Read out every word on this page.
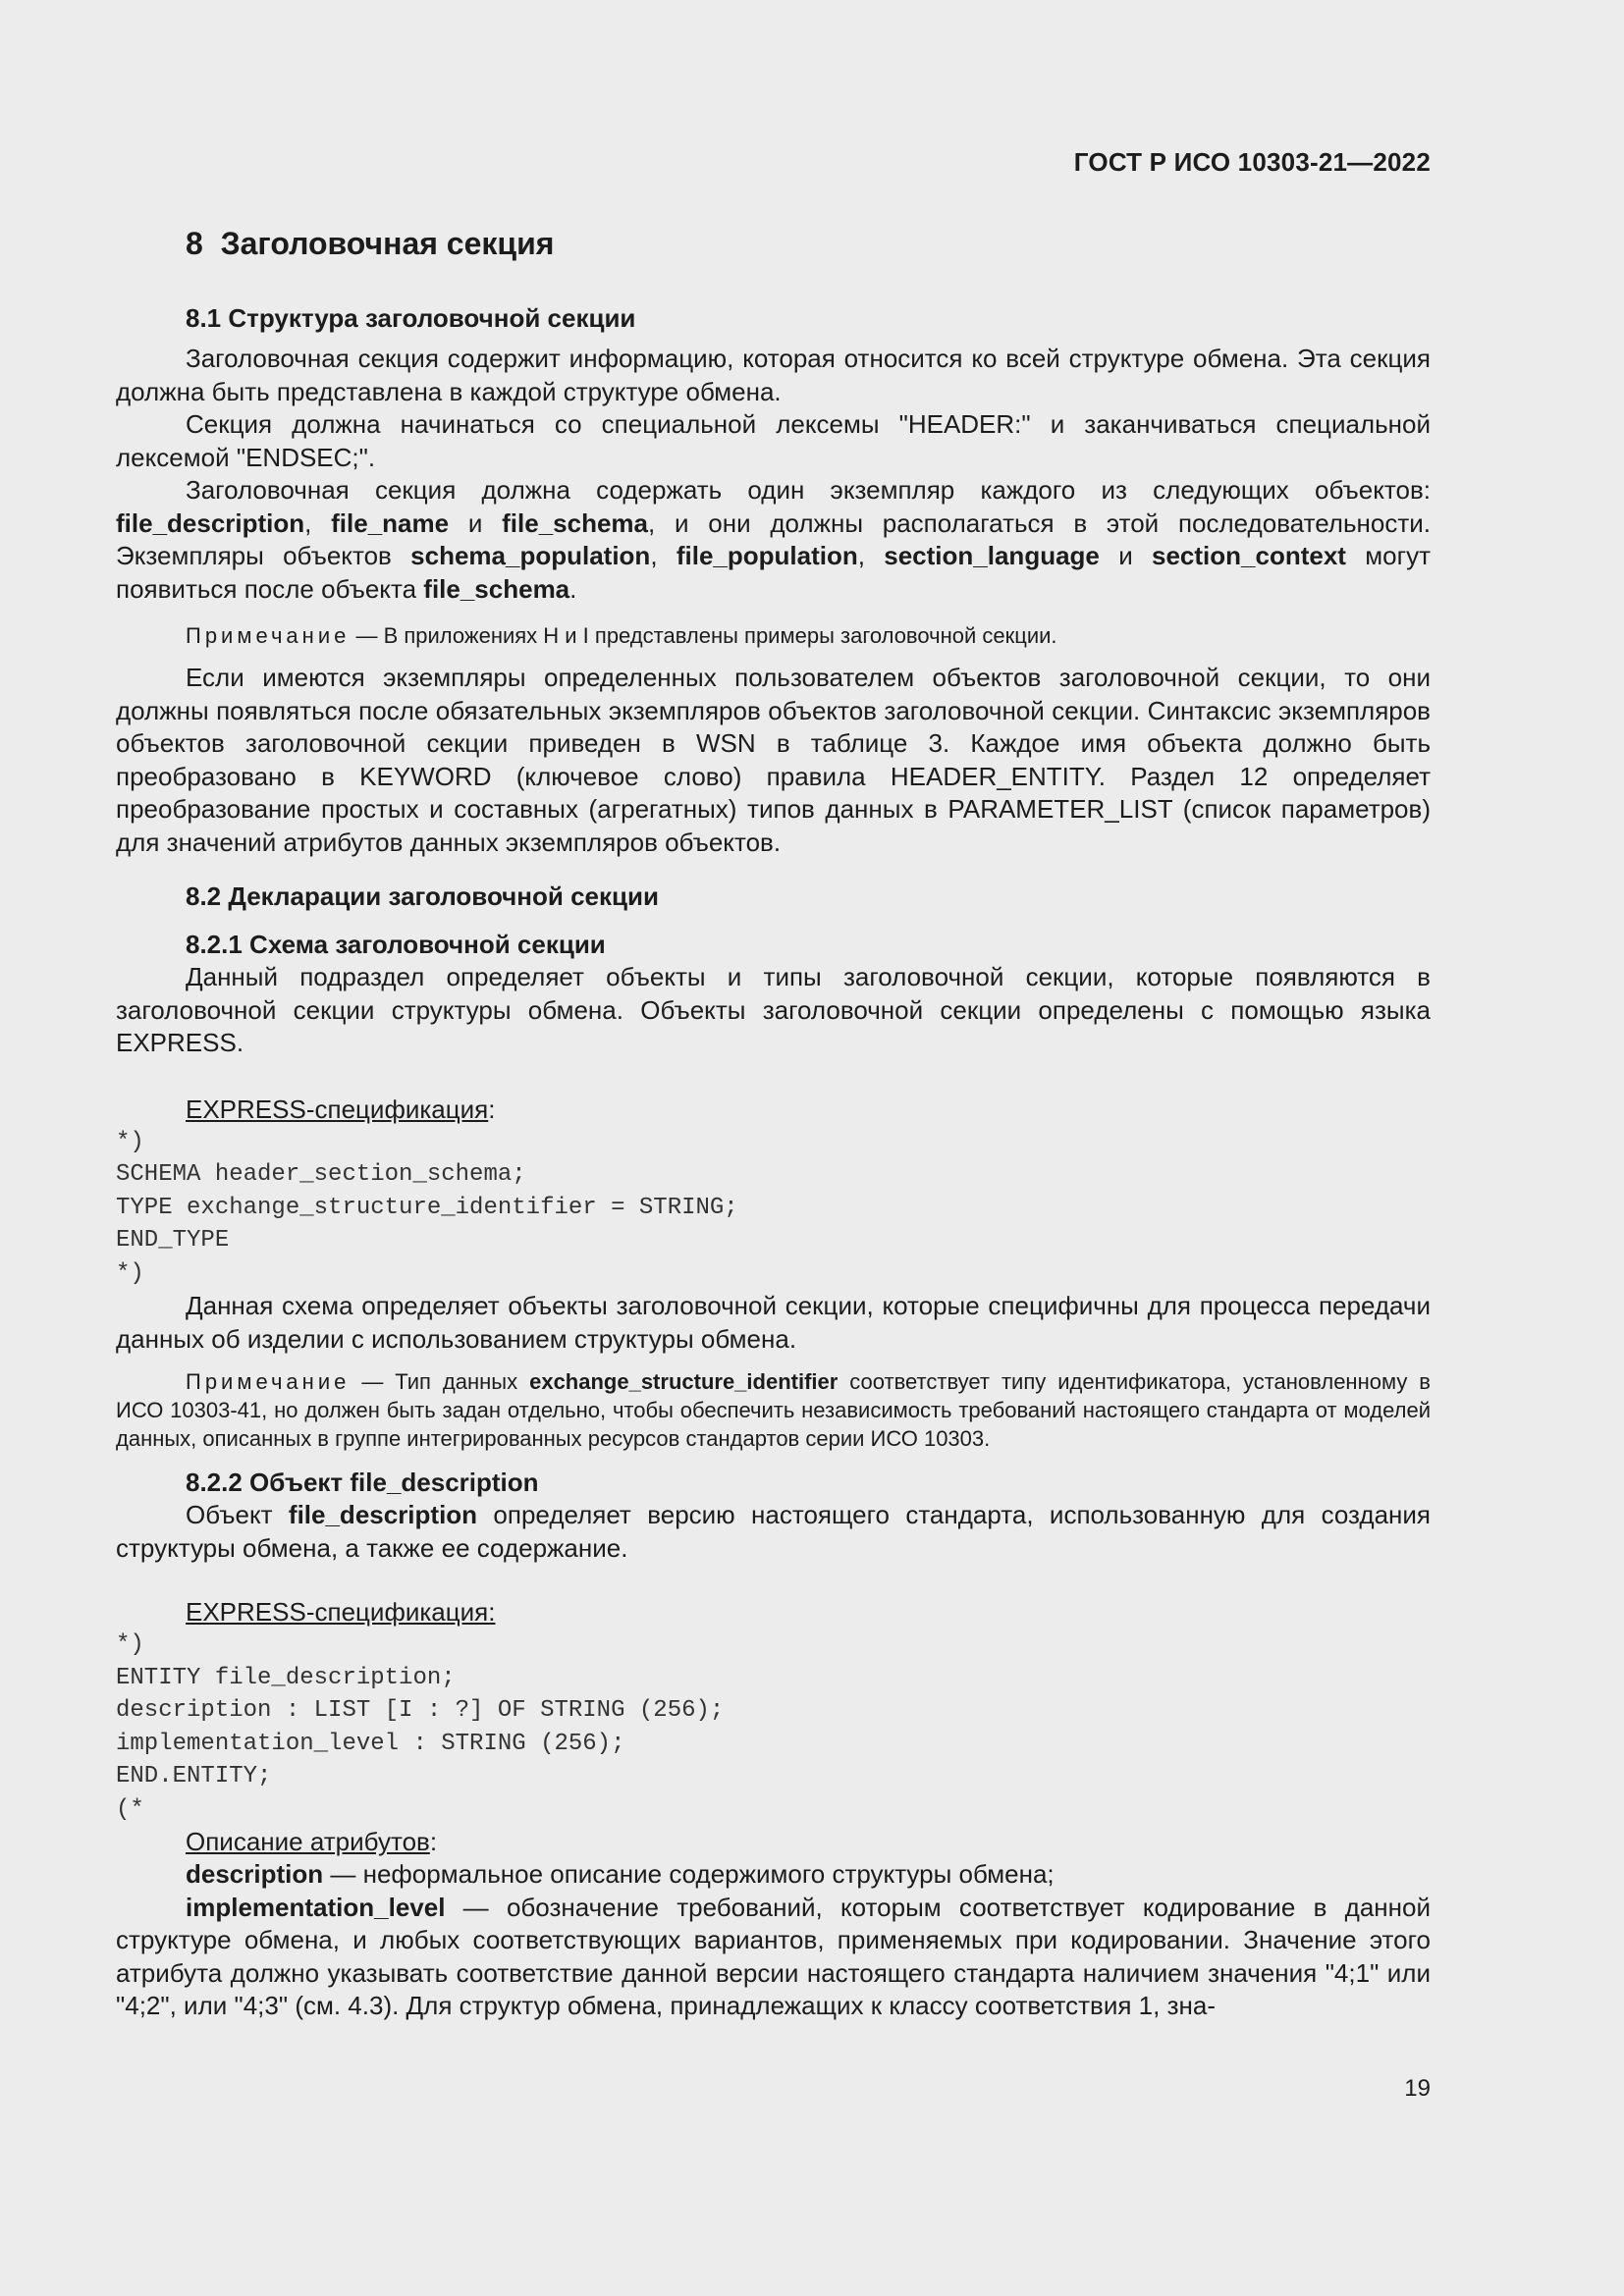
ГОСТ Р ИСО 10303-21—2022
8 Заголовочная секция
8.1 Структура заголовочной секции

Заголовочная секция содержит информацию, которая относится ко всей структуре обмена. Эта секция должна быть представлена в каждой структуре обмена.

Секция должна начинаться со специальной лексемы "HEADER:" и заканчиваться специальной лексемой "ENDSEC;".

Заголовочная секция должна содержать один экземпляр каждого из следующих объектов: file_description, file_name и file_schema, и они должны располагаться в этой последовательности. Экземпляры объектов schema_population, file_population, section_language и section_context могут появиться после объекта file_schema.

Примечание — В приложениях H и I представлены примеры заголовочной секции.

Если имеются экземпляры определенных пользователем объектов заголовочной секции, то они должны появляться после обязательных экземпляров объектов заголовочной секции. Синтаксис экземпляров объектов заголовочной секции приведен в WSN в таблице 3. Каждое имя объекта должно быть преобразовано в KEYWORD (ключевое слово) правила HEADER_ENTITY. Раздел 12 определяет преобразование простых и составных (агрегатных) типов данных в PARAMETER_LIST (список параметров) для значений атрибутов данных экземпляров объектов.

8.2 Декларации заголовочной секции
8.2.1 Схема заголовочной секции

Данный подраздел определяет объекты и типы заголовочной секции, которые появляются в заголовочной секции структуры обмена. Объекты заголовочной секции определены с помощью языка EXPRESS.

EXPRESS-спецификация:
*)
SCHEMA header_section_schema;
TYPE exchange_structure_identifier = STRING;
END_TYPE
*)

Данная схема определяет объекты заголовочной секции, которые специфичны для процесса передачи данных об изделии с использованием структуры обмена.

Примечание — Тип данных exchange_structure_identifier соответствует типу идентификатора, установленному в ИСО 10303-41, но должен быть задан отдельно, чтобы обеспечить независимость требований настоящего стандарта от моделей данных, описанных в группе интегрированных ресурсов стандартов серии ИСО 10303.

8.2.2 Объект file_description

Объект file_description определяет версию настоящего стандарта, использованную для создания структуры обмена, а также ее содержание.

EXPRESS-спецификация:
*)
ENTITY file_description;
description : LIST [I : ?] OF STRING (256);
implementation_level : STRING (256);
END.ENTITY;
(*
Описание атрибутов:

description — неформальное описание содержимого структуры обмена;

implementation_level — обозначение требований, которым соответствует кодирование в данной структуре обмена, и любых соответствующих вариантов, применяемых при кодировании. Значение этого атрибута должно указывать соответствие данной версии настоящего стандарта наличием значения "4;1" или "4;2", или "4;3" (см. 4.3). Для структур обмена, принадлежащих к классу соответствия 1, зна-

19
